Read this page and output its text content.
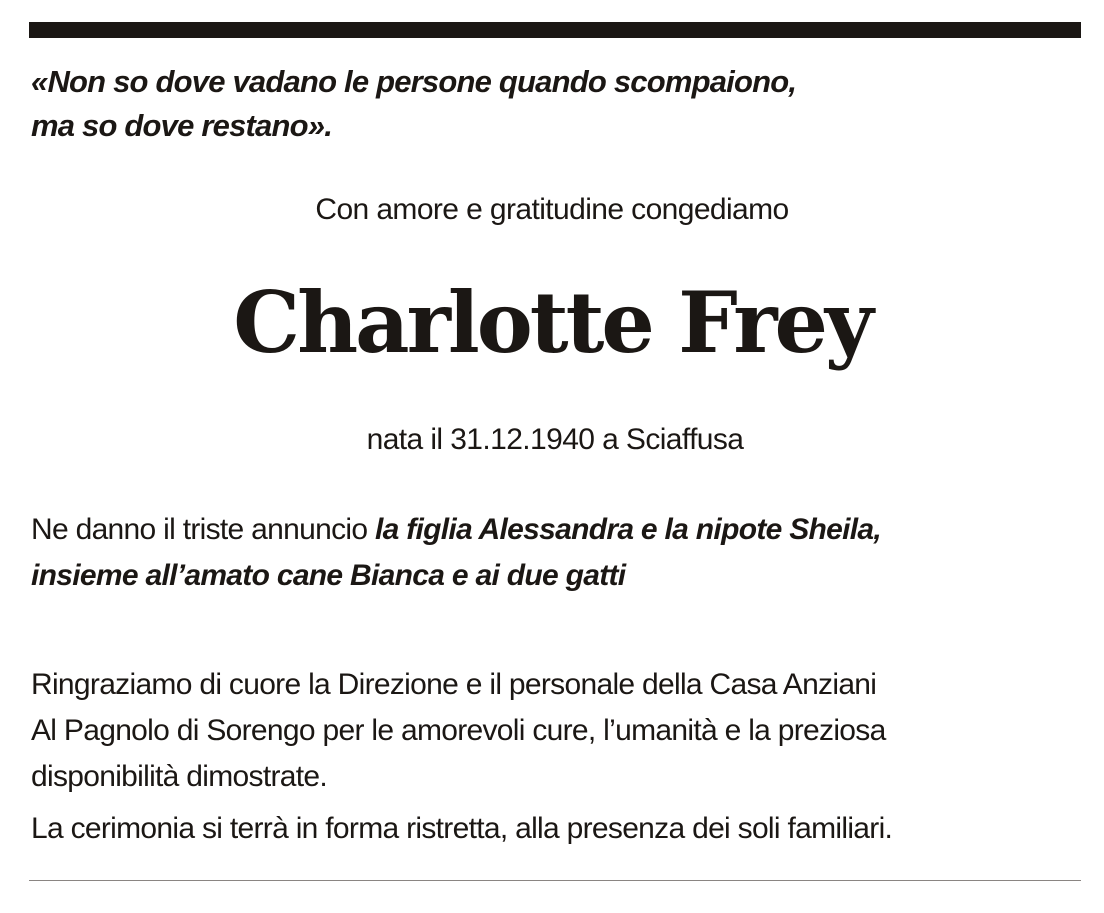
«Non so dove vadano le persone quando scompaiono,
ma so dove restano».
Con amore e gratitudine congediamo
Charlotte Frey
nata il 31.12.1940 a Sciaffusa
Ne danno il triste annuncio la figlia Alessandra e la nipote Sheila,
insieme all’amato cane Bianca e ai due gatti
Ringraziamo di cuore la Direzione e il personale della Casa Anziani
Al Pagnolo di Sorengo per le amorevoli cure, l’umanità e la preziosa
disponibilità dimostrate.
La cerimonia si terrà in forma ristretta, alla presenza dei soli familiari.
